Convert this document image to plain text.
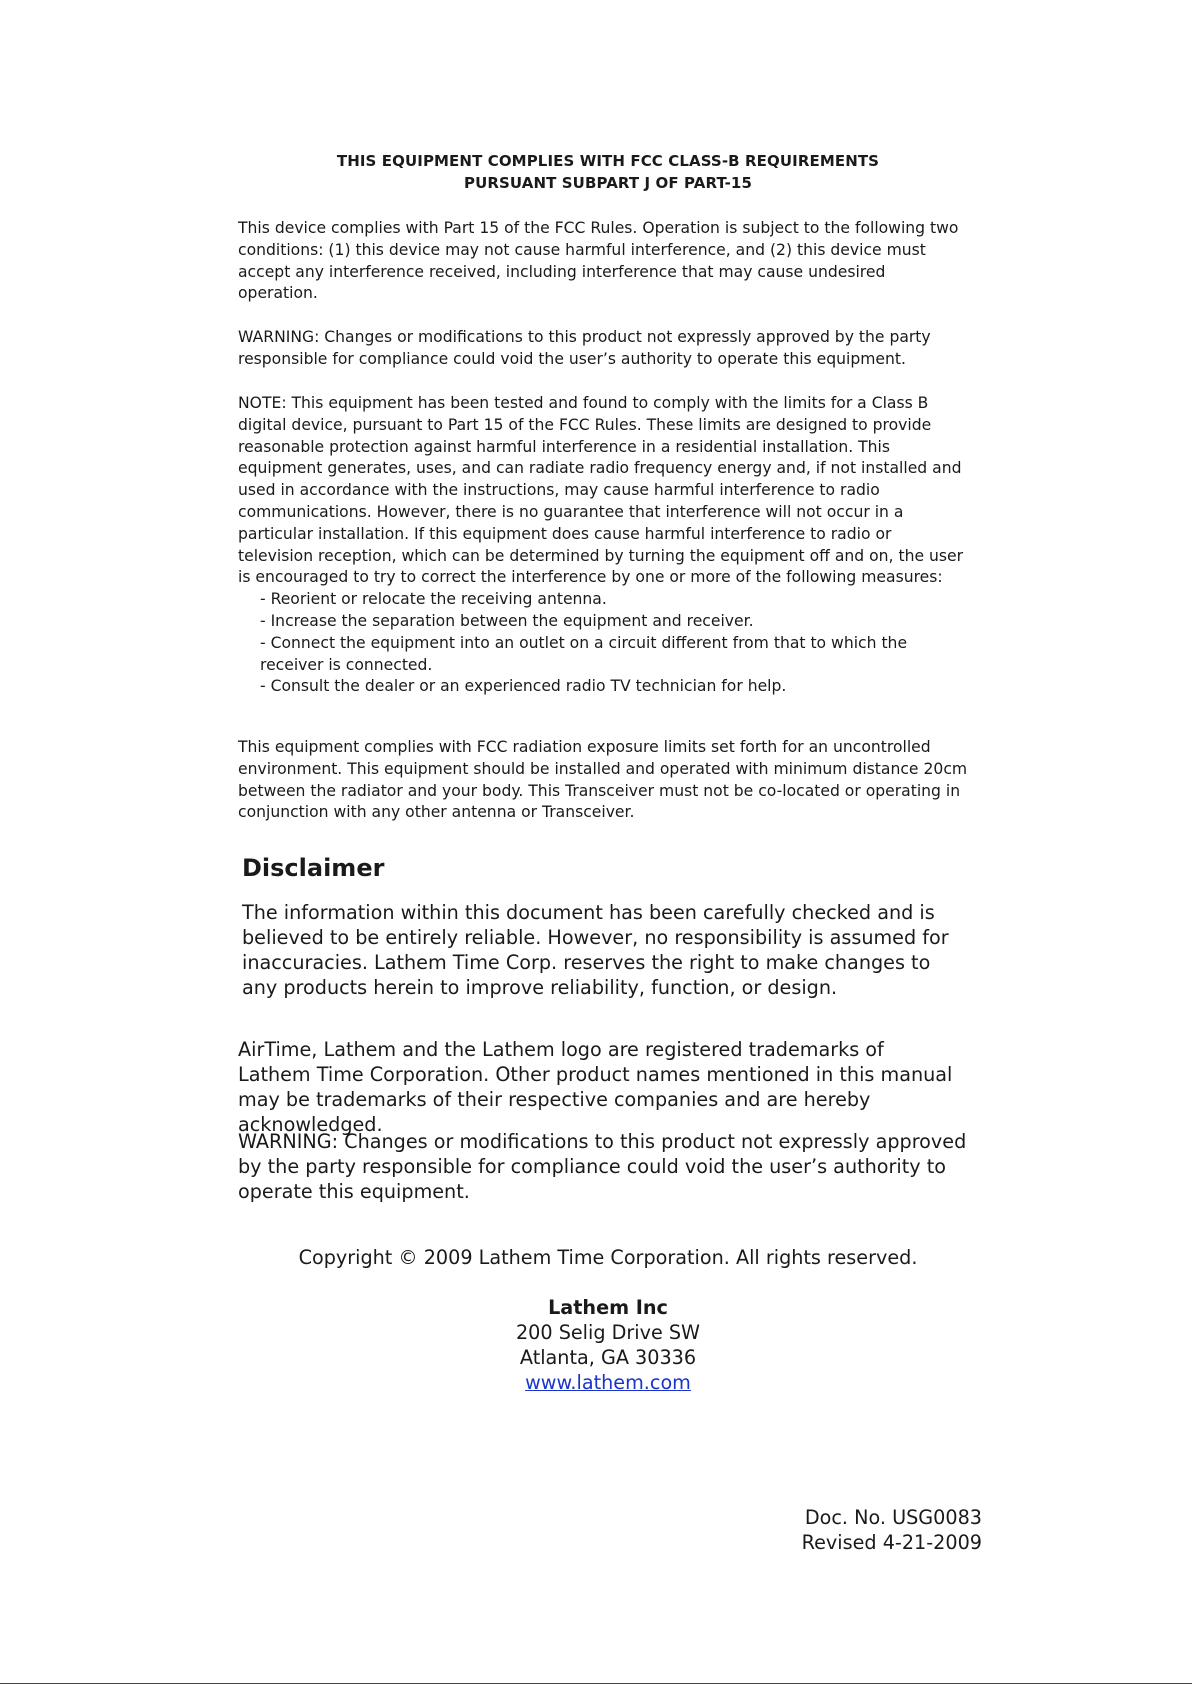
THIS EQUIPMENT COMPLIES WITH FCC CLASS-B REQUIREMENTS
PURSUANT SUBPART J OF PART-15

This device complies with Part 15 of the FCC Rules. Operation is subject to the following two conditions: (1) this device may not cause harmful interference, and (2) this device must accept any interference received, including interference that may cause undesired operation.

WARNING: Changes or modifications to this product not expressly approved by the party responsible for compliance could void the user’s authority to operate this equipment.

NOTE: This equipment has been tested and found to comply with the limits for a Class B digital device, pursuant to Part 15 of the FCC Rules. These limits are designed to provide reasonable protection against harmful interference in a residential installation. This equipment generates, uses, and can radiate radio frequency energy and, if not installed and used in accordance with the instructions, may cause harmful interference to radio communications. However, there is no guarantee that interference will not occur in a particular installation. If this equipment does cause harmful interference to radio or television reception, which can be determined by turning the equipment off and on, the user is encouraged to try to correct the interference by one or more of the following measures:
- Reorient or relocate the receiving antenna.
- Increase the separation between the equipment and receiver.
- Connect the equipment into an outlet on a circuit different from that to which the receiver is connected.
- Consult the dealer or an experienced radio TV technician for help.

This equipment complies with FCC radiation exposure limits set forth for an uncontrolled environment. This equipment should be installed and operated with minimum distance 20cm between the radiator and your body. This Transceiver must not be co-located or operating in conjunction with any other antenna or Transceiver.

Disclaimer

The information within this document has been carefully checked and is believed to be entirely reliable. However, no responsibility is assumed for inaccuracies. Lathem Time Corp. reserves the right to make changes to any products herein to improve reliability, function, or design.

AirTime, Lathem and the Lathem logo are registered trademarks of Lathem Time Corporation. Other product names mentioned in this manual may be trademarks of their respective companies and are hereby acknowledged.

WARNING: Changes or modifications to this product not expressly approved by the party responsible for compliance could void the user’s authority to operate this equipment.

Copyright © 2009 Lathem Time Corporation. All rights reserved.
Lathem Inc
200 Selig Drive SW
Atlanta, GA 30336
www.lathem.com
Doc. No. USG0083
Revised 4-21-2009
